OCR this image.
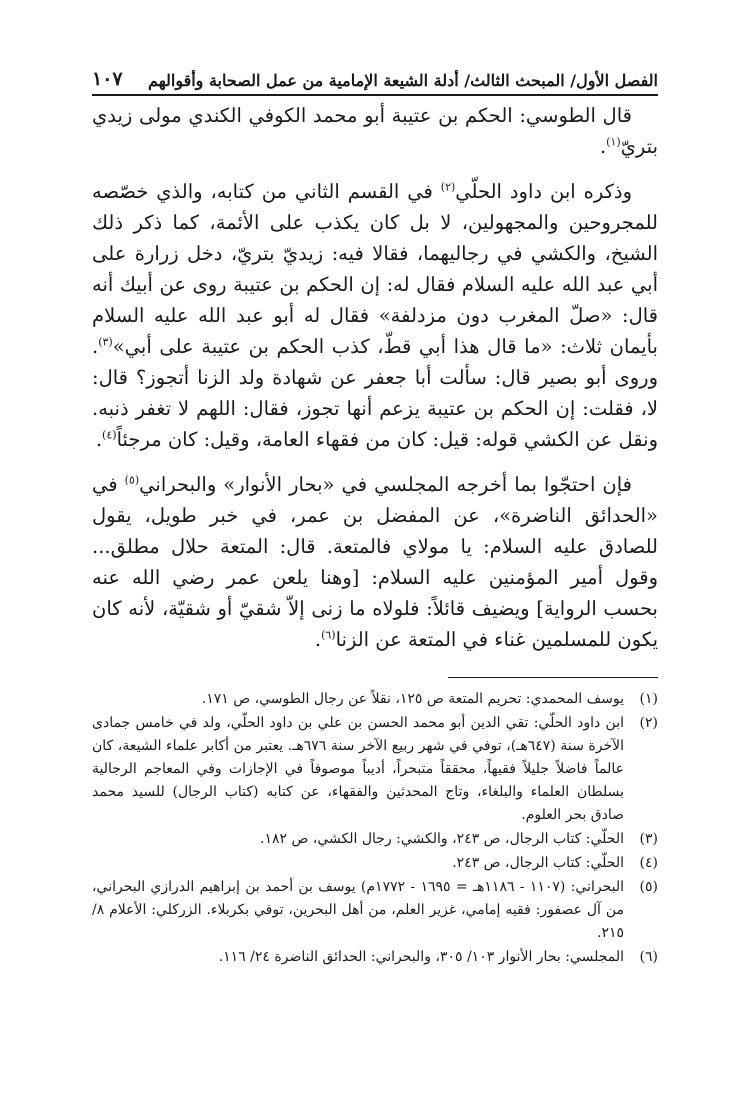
الفصل الأول/ المبحث الثالث/ أدلة الشيعة الإمامية من عمل الصحابة وأقوالهم
١٠٧

قال الطوسي: الحكم بن عتيبة أبو محمد الكوفي الكندي مولى زيدي بتريّ$^{(١)}$.

وذكره ابن داود الحلّي$^{(٢)}$ في القسم الثاني من كتابه، والذي خصّصه للمجروحين والمجهولين، لا بل كان يكذب على الأئمة، كما ذكر ذلك الشيخ، والكشي في رجاليهما، فقالا فيه: زيديّ بتريّ، دخل زرارة على أبي عبد الله عليه السلام فقال له: إن الحكم بن عتيبة روى عن أبيك أنه قال: «صلّ المغرب دون مزدلفة» فقال له أبو عبد الله عليه السلام بأيمان ثلاث: «ما قال هذا أبي قطّ، كذب الحكم بن عتيبة على أبي»$^{(٣)}$. وروى أبو بصير قال: سألت أبا جعفر عن شهادة ولد الزنا أتجوز؟ قال: لا، فقلت: إن الحكم بن عتيبة يزعم أنها تجوز، فقال: اللهم لا تغفر ذنبه. ونقل عن الكشي قوله: قيل: كان من فقهاء العامة، وقيل: كان مرجئاً$^{(٤)}$.

فإن احتجّوا بما أخرجه المجلسي في «بحار الأنوار» والبحراني$^{(٥)}$ في «الحدائق الناضرة»، عن المفضل بن عمر، في خبر طويل، يقول للصادق عليه السلام: يا مولاي فالمتعة. قال: المتعة حلال مطلق... وقول أمير المؤمنين عليه السلام: [وهنا يلعن عمر رضي الله عنه بحسب الرواية] ويضيف قائلاً: فلولاه ما زنى إلاّ شقيّ أو شقيّة، لأنه كان يكون للمسلمين غناء في المتعة عن الزنا$^{(٦)}$.

(١)
يوسف المحمدي: تحريم المتعة ص ١٢٥، نقلاً عن رجال الطوسي، ص ١٧١.
(٢)
ابن داود الحلّي: تقي الدين أبو محمد الحسن بن علي بن داود الحلّي، ولد في خامس جمادى الآخرة سنة (٦٤٧هـ)، توفي في شهر ربيع الآخر سنة ٦٧٦هـ. يعتبر من أكابر علماء الشيعة، كان عالماً فاضلاً جليلاً فقيهاً، محققاً متبحراً، أديباً موصوفاً في الإجازات وفي المعاجم الرجالية بسلطان العلماء والبلغاء، وتاج المحدثين والفقهاء، عن كتابه (كتاب الرجال) للسيد محمد صادق بحر العلوم.
(٣)
الحلّي: كتاب الرجال، ص ٢٤٣، والكشي: رجال الكشي، ص ١٨٢.
(٤)
الحلّي: كتاب الرجال، ص ٢٤٣.
(٥)
البحراني: (١١٠٧ - ١١٨٦هـ = ١٦٩٥ - ١٧٧٢م) يوسف بن أحمد بن إبراهيم الدرازي البحراني، من آل عصفور: فقيه إمامي، غزير العلم، من أهل البحرين، توفي بكربلاء. الزركلي: الأعلام ٨/ ٢١٥.
(٦)
المجلسي: بحار الأنوار ١٠٣/ ٣٠٥، والبحراني: الحدائق الناضرة ٢٤/ ١١٦.
